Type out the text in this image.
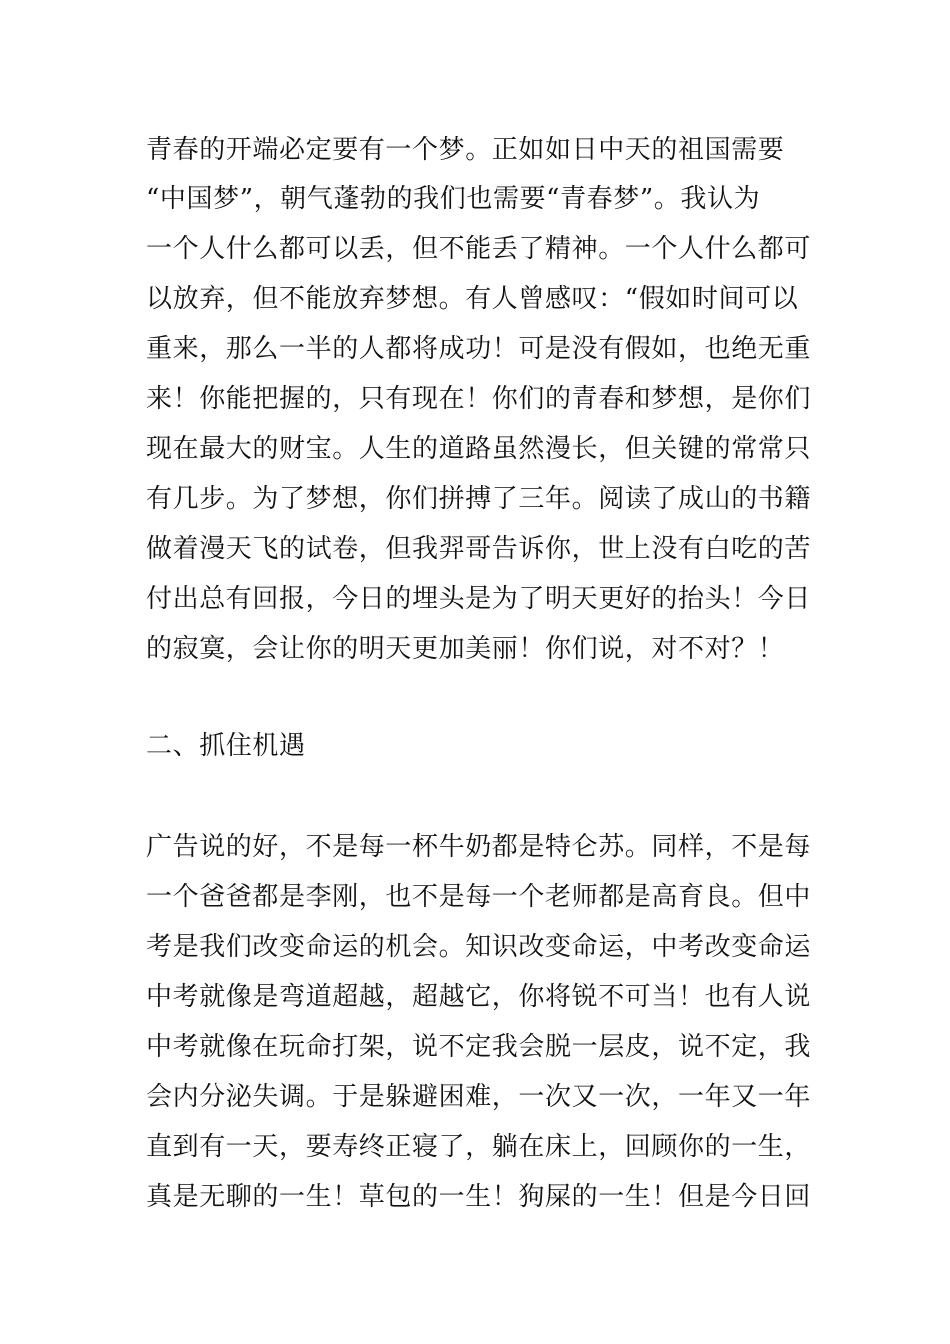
青春的开端必定要有一个梦。正如如日中天的祖国需要
“中国梦”，朝气蓬勃的我们也需要“青春梦”。我认为
一个人什么都可以丢，但不能丢了精神。一个人什么都可
以放弃，但不能放弃梦想。有人曾感叹：“假如时间可以
重来，那么一半的人都将成功！可是没有假如，也绝无重
来！你能把握的，只有现在！你们的青春和梦想，是你们
现在最大的财宝。人生的道路虽然漫长，但关键的常常只
有几步。为了梦想，你们拼搏了三年。阅读了成山的书籍
做着漫天飞的试卷，但我羿哥告诉你，世上没有白吃的苦
付出总有回报，今日的埋头是为了明天更好的抬头！今日
的寂寞，会让你的明天更加美丽！你们说，对不对？！
二、抓住机遇
广告说的好，不是每一杯牛奶都是特仑苏。同样，不是每
一个爸爸都是李刚，也不是每一个老师都是高育良。但中
考是我们改变命运的机会。知识改变命运，中考改变命运
中考就像是弯道超越，超越它，你将锐不可当！也有人说
中考就像在玩命打架，说不定我会脱一层皮，说不定，我
会内分泌失调。于是躲避困难，一次又一次，一年又一年
直到有一天，要寿终正寝了，躺在床上，回顾你的一生，
真是无聊的一生！草包的一生！狗屎的一生！但是今日回
